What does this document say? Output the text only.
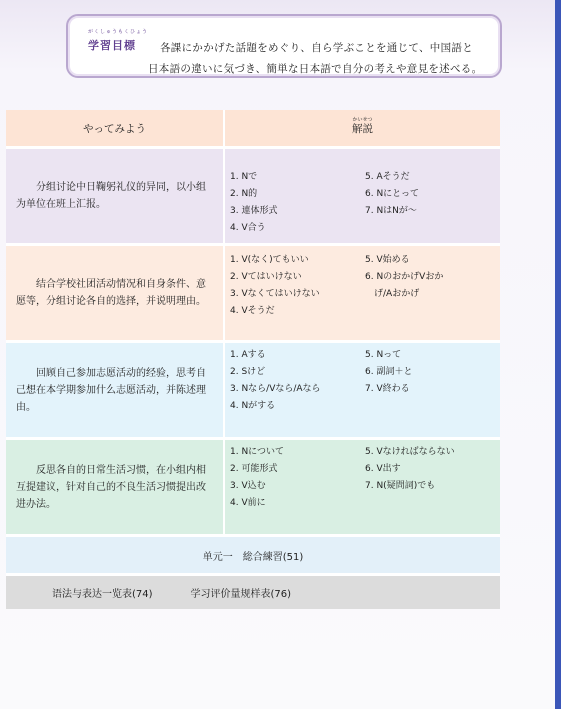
がくしゅうもくひょう
学習目標	各課にかかげた話題をめぐり、自ら学ぶことを通じて、中国語と
日本語の違いに気づき、簡単な日本語で自分の考えや意見を述べる。
やってみよう
かいせつ
解説
分组讨论中日鞠躬礼仪的异同，以小组为单位在班上汇报。
1. Nで
2. N的
3. 連体形式
4. V合う
5. Aそうだ
6. Nにとって
7. NはNが～
结合学校社团活动情况和自身条件、意愿等，分组讨论各自的选择，并说明理由。
1. V(なく)てもいい
2. Vてはいけない
3. Vなくてはいけない
4. Vそうだ
5. V始める
6. NのおかげVおか
　げ/Aおかげ
回顾自己参加志愿活动的经验，思考自己想在本学期参加什么志愿活动，并陈述理由。
1. Aする
2. Sけど
3. Nなら/Vなら/Aなら
4. Nがする
5. Nって
6. 副詞＋と
7. V終わる
反思各自的日常生活习惯，在小组内相互提建议，针对自己的不良生活习惯提出改进办法。
1. Nについて
2. 可能形式
3. V込む
4. V前に
5. Vなければならない
6. V出す
7. N(疑問詞)でも
单元一　総合練習(51)
语法与表达一览表(74)	学习评价量规样表(76)
